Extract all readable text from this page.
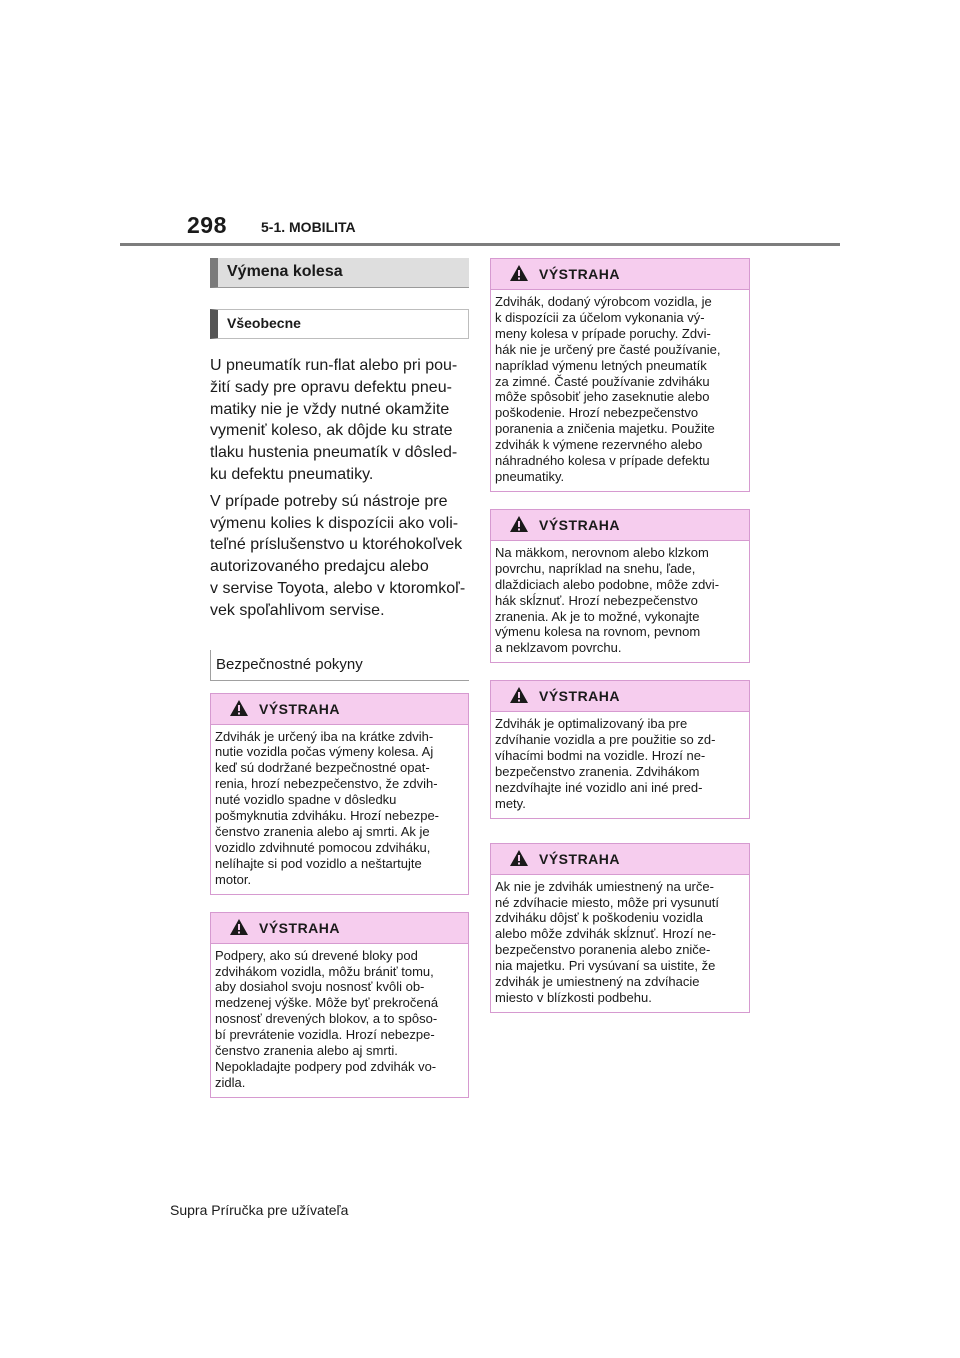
298 5-1. MOBILITA
Výmena kolesa
Všeobecne

U pneumatík run-flat alebo pri pou-
žití sady pre opravu defektu pneu-
matiky nie je vždy nutné okamžite
vymeniť koleso, ak dôjde ku strate
tlaku hustenia pneumatík v dôsled-
ku defektu pneumatiky.

V prípade potreby sú nástroje pre
výmenu kolies k dispozícii ako voli-
teľné príslušenstvo u ktoréhokoľvek
autorizovaného predajcu alebo
v servise Toyota, alebo v ktoromkoľ-
vek spoľahlivom servise.

Bezpečnostné pokyny
VÝSTRAHA

Zdvihák je určený iba na krátke zdvih-
nutie vozidla počas výmeny kolesa. Aj
keď sú dodržané bezpečnostné opat-
renia, hrozí nebezpečenstvo, že zdvih-
nuté vozidlo spadne v dôsledku
pošmyknutia zdviháku. Hrozí nebezpe-
čenstvo zranenia alebo aj smrti. Ak je
vozidlo zdvihnuté pomocou zdviháku,
nelíhajte si pod vozidlo a neštartujte
motor.

VÝSTRAHA

Podpery, ako sú drevené bloky pod
zdvihákom vozidla, môžu brániť tomu,
aby dosiahol svoju nosnosť kvôli ob-
medzenej výške. Môže byť prekročená
nosnosť drevených blokov, a to spôso-
bí prevrátenie vozidla. Hrozí nebezpe-
čenstvo zranenia alebo aj smrti.
Nepokladajte podpery pod zdvihák vo-
zidla.

VÝSTRAHA

Zdvihák, dodaný výrobcom vozidla, je
k dispozícii za účelom vykonania vý-
meny kolesa v prípade poruchy. Zdvi-
hák nie je určený pre časté používanie,
napríklad výmenu letných pneumatík
za zimné. Časté používanie zdviháku
môže spôsobiť jeho zaseknutie alebo
poškodenie. Hrozí nebezpečenstvo
poranenia a zničenia majetku. Použite
zdvihák k výmene rezervného alebo
náhradného kolesa v prípade defektu
pneumatiky.

VÝSTRAHA

Na mäkkom, nerovnom alebo klzkom
povrchu, napríklad na snehu, ľade,
dlaždiciach alebo podobne, môže zdvi-
hák skĺznuť. Hrozí nebezpečenstvo
zranenia. Ak je to možné, vykonajte
výmenu kolesa na rovnom, pevnom
a neklzavom povrchu.

VÝSTRAHA

Zdvihák je optimalizovaný iba pre
zdvíhanie vozidla a pre použitie so zd-
víhacími bodmi na vozidle. Hrozí ne-
bezpečenstvo zranenia. Zdvihákom
nezdvíhajte iné vozidlo ani iné pred-
mety.

VÝSTRAHA

Ak nie je zdvihák umiestnený na urče-
né zdvíhacie miesto, môže pri vysunutí
zdviháku dôjsť k poškodeniu vozidla
alebo môže zdvihák skĺznuť. Hrozí ne-
bezpečenstvo poranenia alebo zniče-
nia majetku. Pri vysúvaní sa uistite, že
zdvihák je umiestnený na zdvíhacie
miesto v blízkosti podbehu.

Supra Príručka pre užívateľa
